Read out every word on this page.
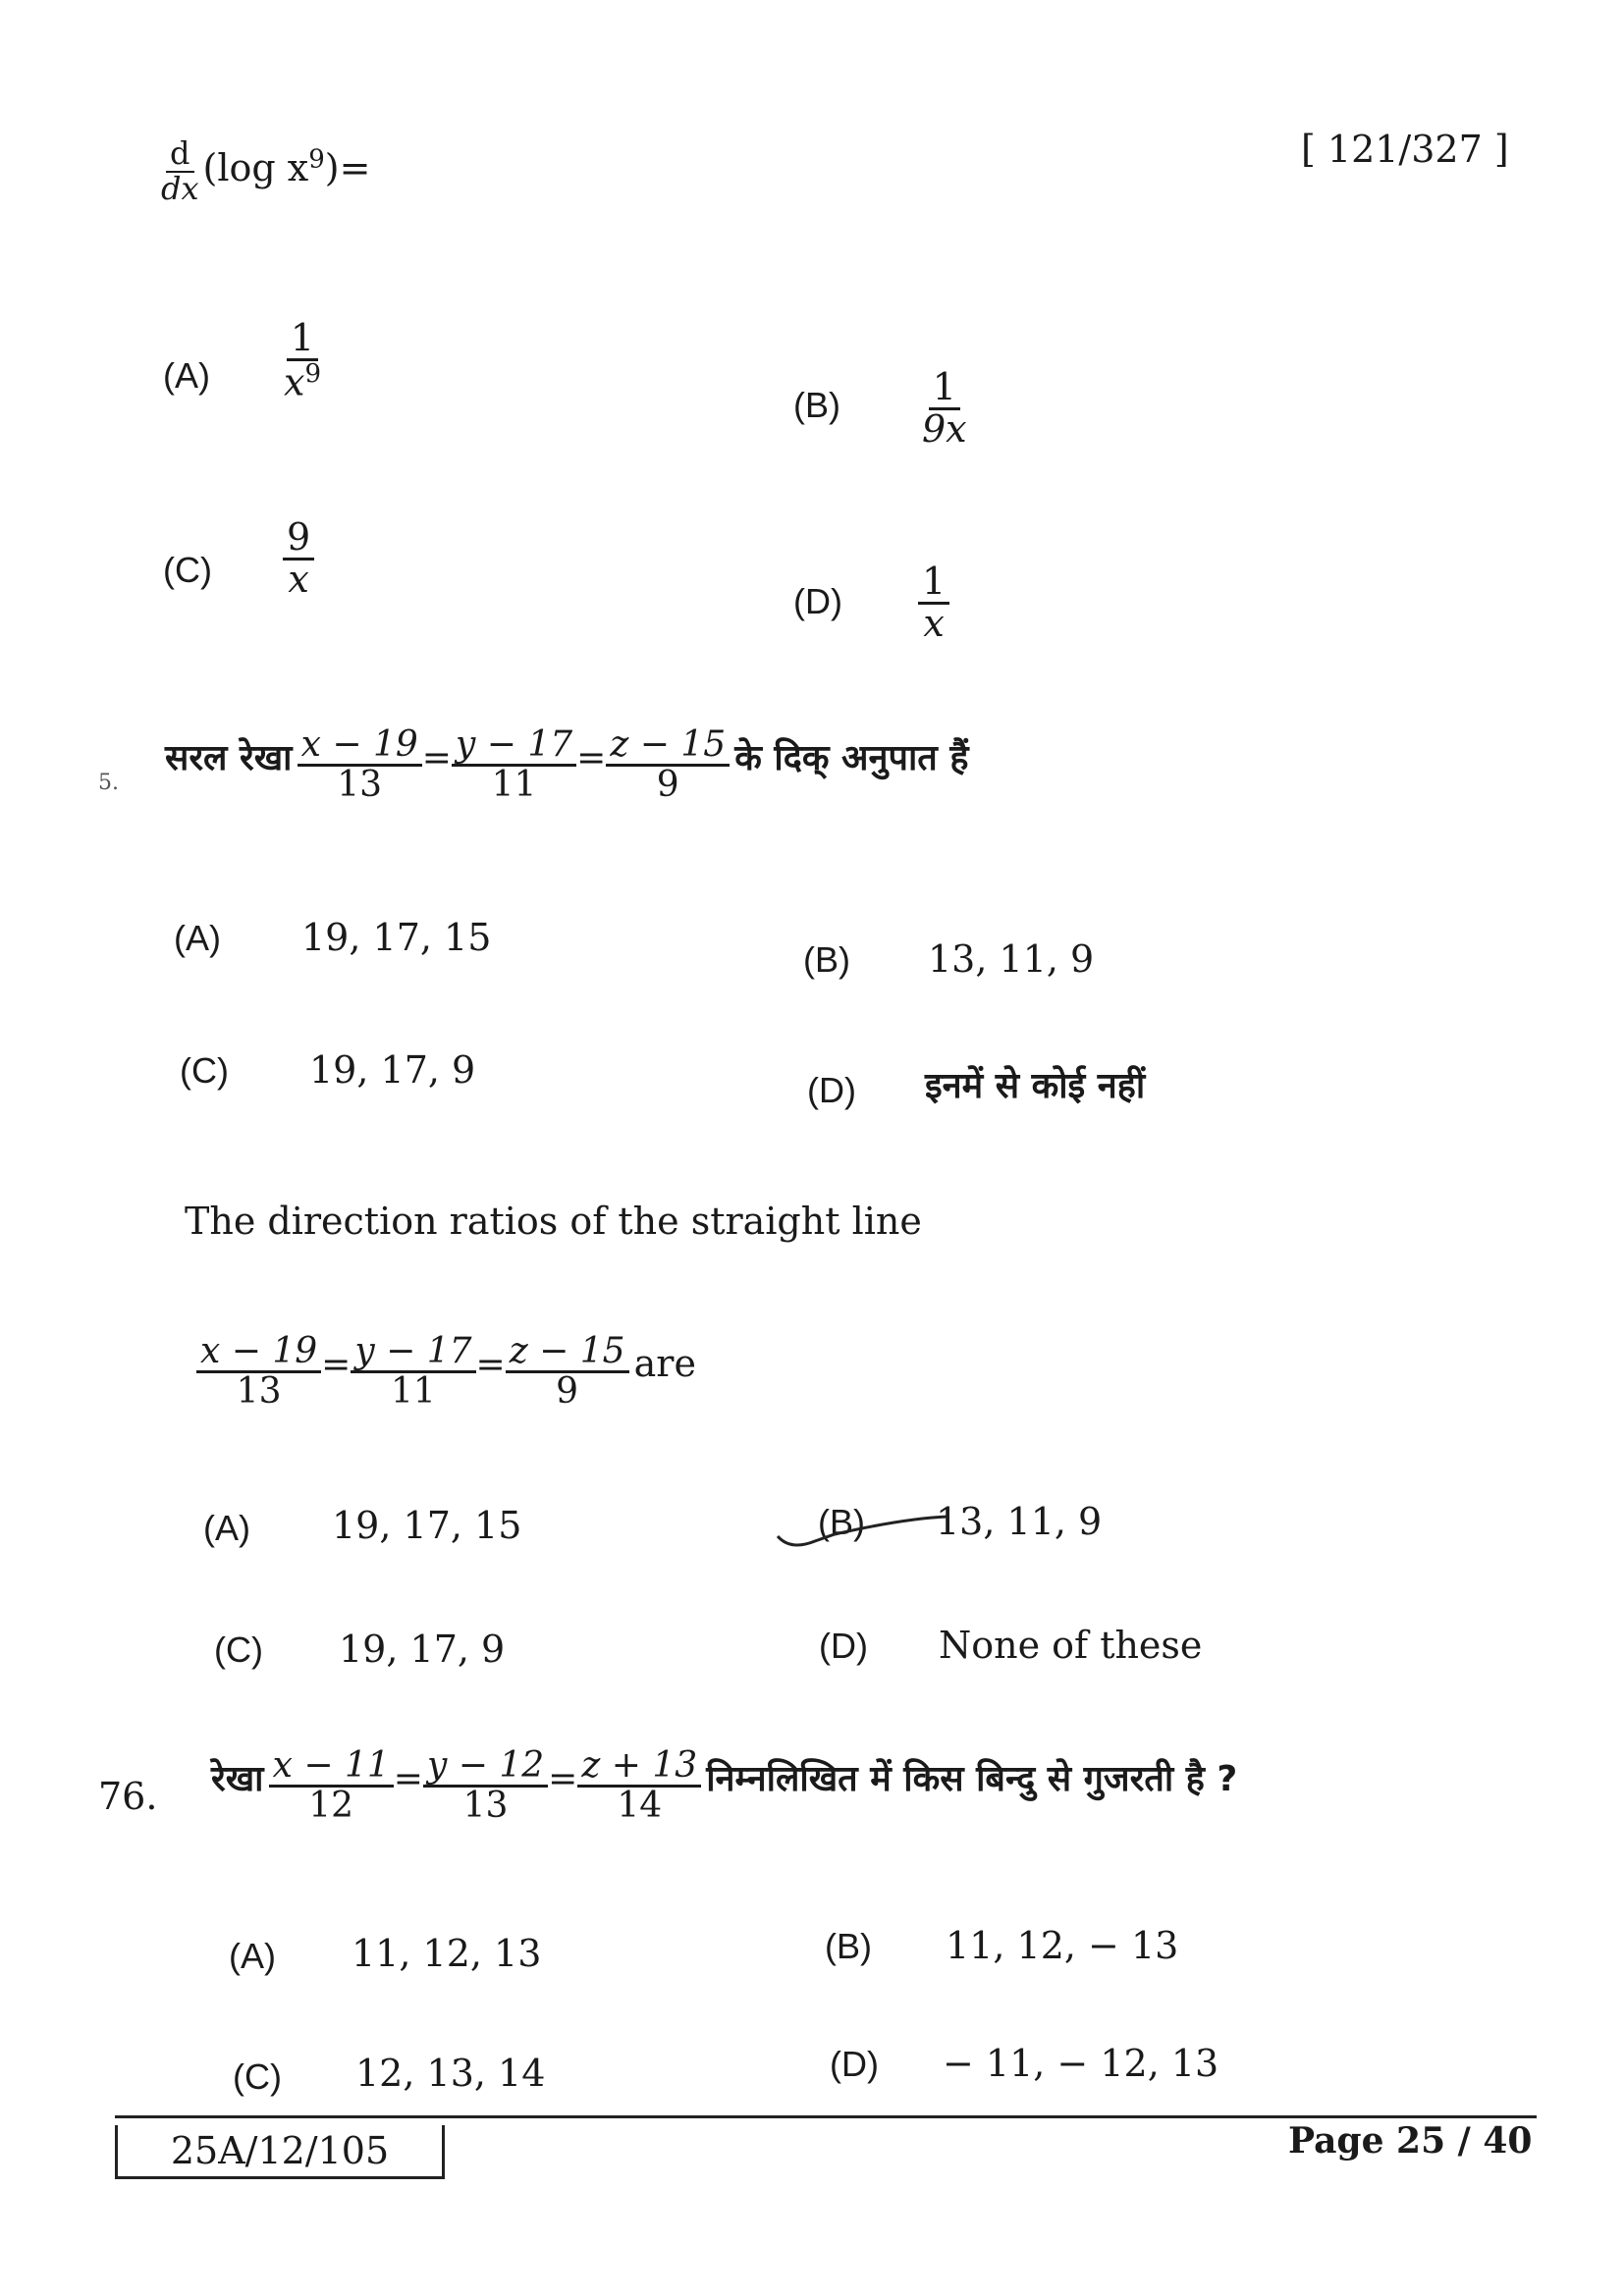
[ 121/327 ]
$\frac{d}{dx} (\log$ $x^9)=$
$(A) \frac{1}{x^9}$
$(B) \frac{1}{9x}$
$(C) \frac{9}{x}$
$(D) \frac{1}{x}$
5.
सरल रेखा $\frac{x - 19}{13} = \frac{y - 17}{11} = \frac{z - 15}{9}$ के दिक् अनुपात हैं
(A) 19, 17, 15
(B) 13, 11, 9
(C) 19, 17, 9	(D) इनमें से कोई नहीं
The direction ratios of the straight line
$\frac{x - 19}{13} = \frac{y - 17}{11} = \frac{z - 15}{9}$ are
(A) 19, 17, 15	(B) 13, 11, 9
(C) 19, 17, 9	(D) None of these
76. रेखा $\frac{x - 11}{12} = \frac{y - 12}{13} = \frac{z + 13}{14}$ निम्नलिखित में किस बिन्दु से गुजरती है ?
(A) 11, 12, 13	(B) 11, 12, − 13
(C) 12, 13, 14	(D) − 11, − 12, 13
25A/12/105	Page 25 / 40
